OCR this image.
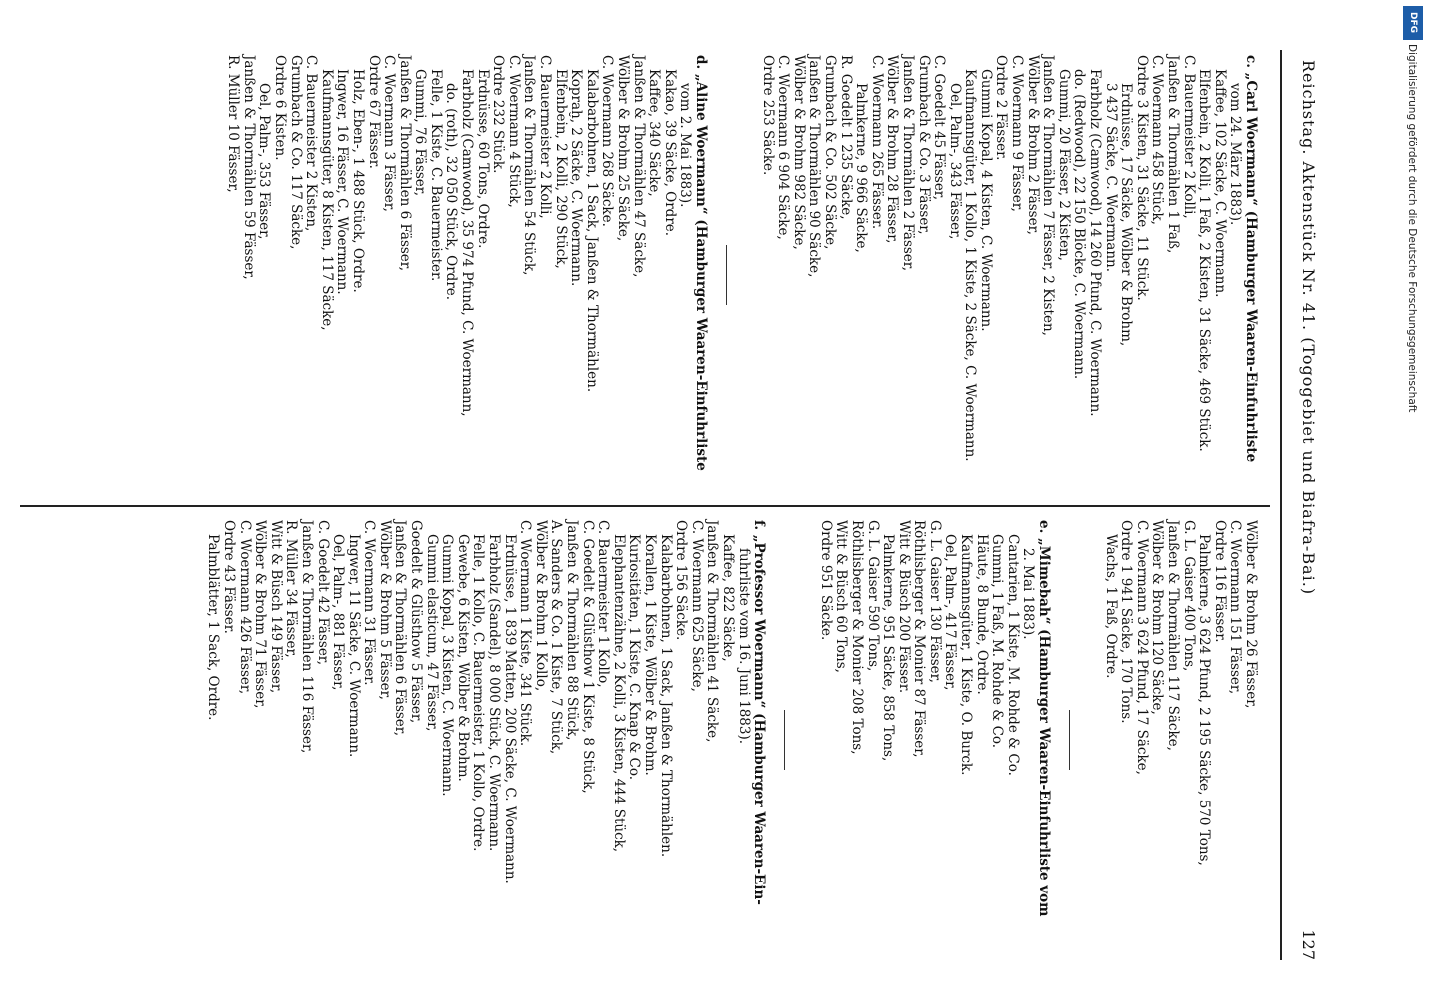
Reichstag. Aktenstück Nr. 41. (Togogebiet und Biafra-Bai.)
127
c. „Carl Woermann“ (Hamburger Waaren-Einfuhrliste
vom 24. März 1883).
Kaffee, 102 Säcke, C. Woermann.
Elfenbein, 2 Kolli, 1 Faß, 2 Kisten, 31 Säcke, 469 Stück.
C. Bauermeister 2 Kolli,
Janßen & Thormählen 1 Faß,
C. Woermann 458 Stück,
Ordre 3 Kisten, 31 Säcke, 11 Stück.
Erdnüsse, 17 Säcke, Wölber & Brohm,
3 437 Säcke, C. Woermann.
Farbholz (Camwood), 14 260 Pfund, C. Woermann.
do. (Redwood), 22 150 Blöcke, C. Woermann.
Gummi, 20 Fässer, 2 Kisten,
Janßen & Thormählen 7 Fässer, 2 Kisten,
Wölber & Brohm 2 Fässer,
C. Woermann 9 Fässer,
Ordre 2 Fässer.
Gummi Kopal, 4 Kisten, C. Woermann.
Kaufmannsgüter, 1 Kollo, 1 Kiste, 2 Säcke, C. Woermann.
Oel, Palm-, 343 Fässer,
C. Goedelt 45 Fässer,
Grumbach & Co. 3 Fässer,
Janßen & Thormählen 2 Fässer,
Wölber & Brohm 28 Fässer,
C. Woermann 265 Fässer.
Palmkerne, 9 966 Säcke,
R. Goedelt 1 235 Säcke,
Grumbach & Co. 502 Säcke,
Janßen & Thormählen 90 Säcke,
Wölber & Brohm 982 Säcke,
C. Woermann 6 904 Säcke,
Ordre 253 Säcke.
d. „Aline Woermann“ (Hamburger Waaren-Einfuhrliste
vom 2. Mai 1883).
Kakao, 39 Säcke, Ordre.
Kaffee, 340 Säcke,
Janßen & Thormählen 47 Säcke,
Wölber & Brohm 25 Säcke,
C. Woermann 268 Säcke.
Kalabarbohnen, 1 Sack, Janßen & Thormählen.
Kopraḫ, 2 Säcke, C. Woermann.
Elfenbein, 2 Kolli, 290 Stück,
C. Bauermeister 2 Kolli,
Janßen & Thormählen 54 Stück,
C. Woermann 4 Stück,
Ordre 232 Stück.
Erdnüsse, 60 Tons, Ordre.
Farbholz (Camwood), 35 974 Pfund, C. Woermann,
do. (roth), 32 050 Stück, Ordre.
Felle, 1 Kiste, C. Bauermeister.
Gummi, 76 Fässer,
Janßen & Thormählen 6 Fässer,
C. Woermann 3 Fässer,
Ordre 67 Fässer.
Holz, Eben-, 1 488 Stück, Ordre.
Ingwer, 16 Fässer, C. Woermann.
Kaufmannsgüter, 8 Kisten, 117 Säcke,
C. Bauermeister 2 Kisten,
Grumbach & Co. 117 Säcke,
Ordre 6 Kisten.
Oel, Palm-, 353 Fässer,
Janßen & Thormählen 59 Fässer,
R. Müller 10 Fässer,
Wölber & Brohm 26 Fässer,
C. Woermann 151 Fässer,
Ordre 116 Fässer.
Palmkerne, 3 624 Pfund, 2 195 Säcke, 570 Tons,
G. L. Gaiser 400 Tons,
Janßen & Thormählen 117 Säcke,
Wölber & Brohm 120 Säcke,
C. Woermann 3 624 Pfund, 17 Säcke,
Ordre 1 941 Säcke, 170 Tons.
Wachs, 1 Faß, Ordre.
e. „Mimebah“ (Hamburger Waaren-Einfuhrliste vom
2. Mai 1883).
Cantarien, 1 Kiste, M. Rohde & Co.
Gummi, 1 Faß, M. Rohde & Co.
Häute, 8 Bunde, Ordre.
Kaufmannsgüter, 1 Kiste, O. Burck.
Oel, Palm-, 417 Fässer,
G. L. Gaiser 130 Fässer,
Röthlisberger & Monier 87 Fässer,
Witt & Büsch 200 Fässer.
Palmkerne, 951 Säcke, 858 Tons,
G. L. Gaiser 590 Tons,
Röthlisberger & Monier 208 Tons,
Witt & Büsch 60 Tons,
Ordre 951 Säcke.
f. „Professor Woermann“ (Hamburger Waaren-Ein-
fuhrliste vom 16. Juni 1883).
Kaffee, 822 Säcke,
Janßen & Thormählen 41 Säcke,
C. Woermann 625 Säcke,
Ordre 156 Säcke.
Kalabarbohnen, 1 Sack, Janßen & Thormählen.
Korallen, 1 Kiste, Wölber & Brohm.
Kuriositäten, 1 Kiste, C. Knap & Co.
Elephantenzähne, 2 Kolli, 3 Kisten, 444 Stück,
C. Bauermeister 1 Kollo,
C. Goedelt & Glüsthow 1 Kiste, 8 Stück,
Janßen & Thormählen 88 Stück,
A. Sanders & Co. 1 Kiste, 7 Stück,
Wölber & Brohm 1 Kollo,
C. Woermann 1 Kiste, 341 Stück.
Erdnüsse, 1 839 Matten, 200 Säcke, C. Woermann.
Farbholz (Sandel), 8 000 Stück, C. Woermann.
Felle, 1 Kollo, C. Bauermeister, 1 Kollo, Ordre.
Gewebe, 6 Kisten, Wölber & Brohm.
Gummi Kopal, 3 Kisten, C. Woermann.
Gummi elasticum, 47 Fässer,
Goedelt & Glüsthow 5 Fässer,
Janßen & Thormählen 6 Fässer,
Wölber & Brohm 5 Fässer,
C. Woermann 31 Fässer.
Ingwer, 11 Säcke, C. Woermann.
Oel, Palm-, 881 Fässer,
C. Goedelt 42 Fässer,
Janßen & Thormählen 116 Fässer,
R. Müller 34 Fässer,
Witt & Büsch 149 Fässer,
Wölber & Brohm 71 Fässer,
C. Woermann 426 Fässer,
Ordre 43 Fässer.
Palmblätter, 1 Sack, Ordre.
DFG
Digitalisierung gefördert durch die Deutsche Forschungsgemeinschaft
